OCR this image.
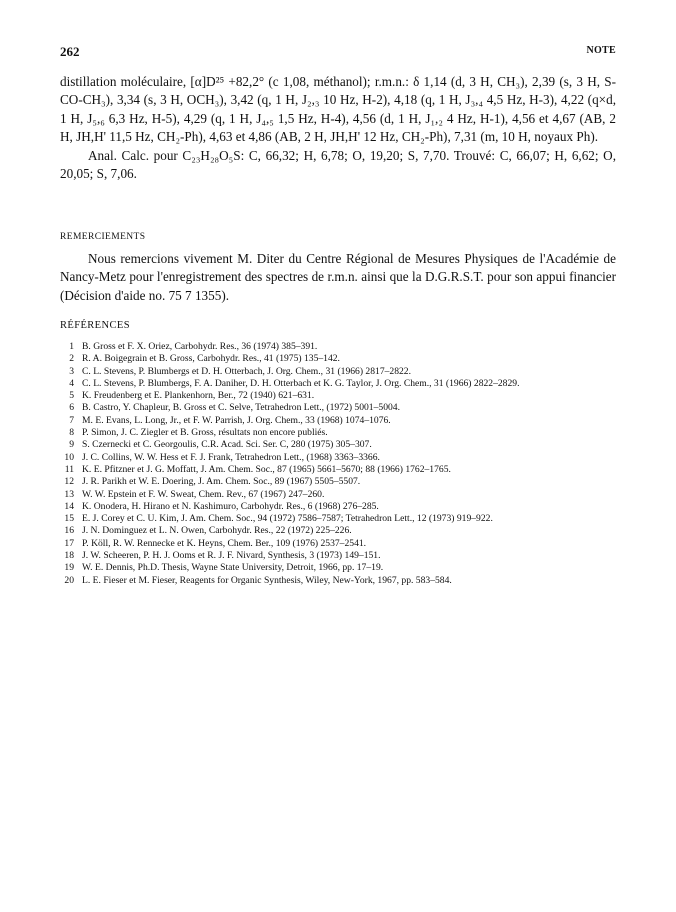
262	NOTE
distillation moléculaire, [α]D²⁵ +82,2° (c 1,08, méthanol); r.m.n.: δ 1,14 (d, 3 H, CH₃), 2,39 (s, 3 H, S-CO-CH₃), 3,34 (s, 3 H, OCH₃), 3,42 (q, 1 H, J₂,₃ 10 Hz, H-2), 4,18 (q, 1 H, J₃,₄ 4,5 Hz, H-3), 4,22 (q×d, 1 H, J₅,₆ 6,3 Hz, H-5), 4,29 (q, 1 H, J₄,₅ 1,5 Hz, H-4), 4,56 (d, 1 H, J₁,₂ 4 Hz, H-1), 4,56 et 4,67 (AB, 2 H, JH,H' 11,5 Hz, CH₂-Ph), 4,63 et 4,86 (AB, 2 H, JH,H' 12 Hz, CH₂-Ph), 7,31 (m, 10 H, noyaux Ph).
Anal. Calc. pour C₂₃H₂₈O₅S: C, 66,32; H, 6,78; O, 19,20; S, 7,70. Trouvé: C, 66,07; H, 6,62; O, 20,05; S, 7,06.
REMERCIEMENTS
Nous remercions vivement M. Diter du Centre Régional de Mesures Physiques de l'Académie de Nancy-Metz pour l'enregistrement des spectres de r.m.n. ainsi que la D.G.R.S.T. pour son appui financier (Décision d'aide no. 75 7 1355).
RÉFÉRENCES
1 B. Gross et F. X. Oriez, Carbohydr. Res., 36 (1974) 385–391.
2 R. A. Boigegrain et B. Gross, Carbohydr. Res., 41 (1975) 135–142.
3 C. L. Stevens, P. Blumbergs et D. H. Otterbach, J. Org. Chem., 31 (1966) 2817–2822.
4 C. L. Stevens, P. Blumbergs, F. A. Daniher, D. H. Otterbach et K. G. Taylor, J. Org. Chem., 31 (1966) 2822–2829.
5 K. Freudenberg et E. Plankenhorn, Ber., 72 (1940) 621–631.
6 B. Castro, Y. Chapleur, B. Gross et C. Selve, Tetrahedron Lett., (1972) 5001–5004.
7 M. E. Evans, L. Long, Jr., et F. W. Parrish, J. Org. Chem., 33 (1968) 1074–1076.
8 P. Simon, J. C. Ziegler et B. Gross, résultats non encore publiés.
9 S. Czernecki et C. Georgoulis, C.R. Acad. Sci. Ser. C, 280 (1975) 305–307.
10 J. C. Collins, W. W. Hess et F. J. Frank, Tetrahedron Lett., (1968) 3363–3366.
11 K. E. Pfitzner et J. G. Moffatt, J. Am. Chem. Soc., 87 (1965) 5661–5670; 88 (1966) 1762–1765.
12 J. R. Parikh et W. E. Doering, J. Am. Chem. Soc., 89 (1967) 5505–5507.
13 W. W. Epstein et F. W. Sweat, Chem. Rev., 67 (1967) 247–260.
14 K. Onodera, H. Hirano et N. Kashimuro, Carbohydr. Res., 6 (1968) 276–285.
15 E. J. Corey et C. U. Kim, J. Am. Chem. Soc., 94 (1972) 7586–7587; Tetrahedron Lett., 12 (1973) 919–922.
16 J. N. Dominguez et L. N. Owen, Carbohydr. Res., 22 (1972) 225–226.
17 P. Köll, R. W. Rennecke et K. Heyns, Chem. Ber., 109 (1976) 2537–2541.
18 J. W. Scheeren, P. H. J. Ooms et R. J. F. Nivard, Synthesis, 3 (1973) 149–151.
19 W. E. Dennis, Ph.D. Thesis, Wayne State University, Detroit, 1966, pp. 17–19.
20 L. E. Fieser et M. Fieser, Reagents for Organic Synthesis, Wiley, New-York, 1967, pp. 583–584.
